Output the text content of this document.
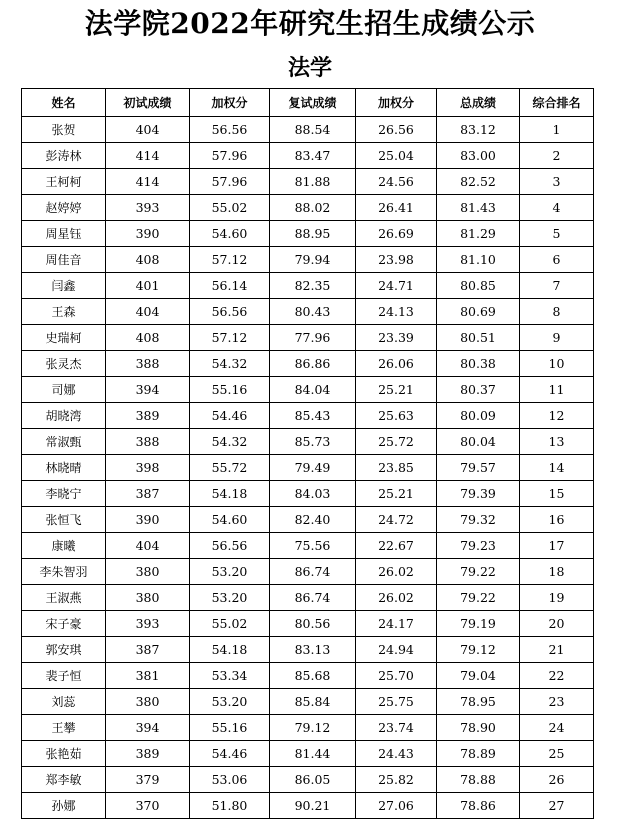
法学院2022年研究生招生成绩公示
法学
姓名	初试成绩	加权分	复试成绩	加权分	总成绩	综合排名
张贺	404	56.56	88.54	26.56	83.12	1
彭涛林	414	57.96	83.47	25.04	83.00	2
王柯柯	414	57.96	81.88	24.56	82.52	3
赵婷婷	393	55.02	88.02	26.41	81.43	4
周星钰	390	54.60	88.95	26.69	81.29	5
周佳音	408	57.12	79.94	23.98	81.10	6
闫鑫	401	56.14	82.35	24.71	80.85	7
王森	404	56.56	80.43	24.13	80.69	8
史瑞柯	408	57.12	77.96	23.39	80.51	9
张灵杰	388	54.32	86.86	26.06	80.38	10
司娜	394	55.16	84.04	25.21	80.37	11
胡晓湾	389	54.46	85.43	25.63	80.09	12
常淑甄	388	54.32	85.73	25.72	80.04	13
林晓晴	398	55.72	79.49	23.85	79.57	14
李晓宁	387	54.18	84.03	25.21	79.39	15
张恒飞	390	54.60	82.40	24.72	79.32	16
康曦	404	56.56	75.56	22.67	79.23	17
李朱智羽	380	53.20	86.74	26.02	79.22	18
王淑燕	380	53.20	86.74	26.02	79.22	19
宋子豪	393	55.02	80.56	24.17	79.19	20
郭安琪	387	54.18	83.13	24.94	79.12	21
裴子恒	381	53.34	85.68	25.70	79.04	22
刘蕊	380	53.20	85.84	25.75	78.95	23
王攀	394	55.16	79.12	23.74	78.90	24
张艳茹	389	54.46	81.44	24.43	78.89	25
郑李敏	379	53.06	86.05	25.82	78.88	26
孙娜	370	51.80	90.21	27.06	78.86	27
